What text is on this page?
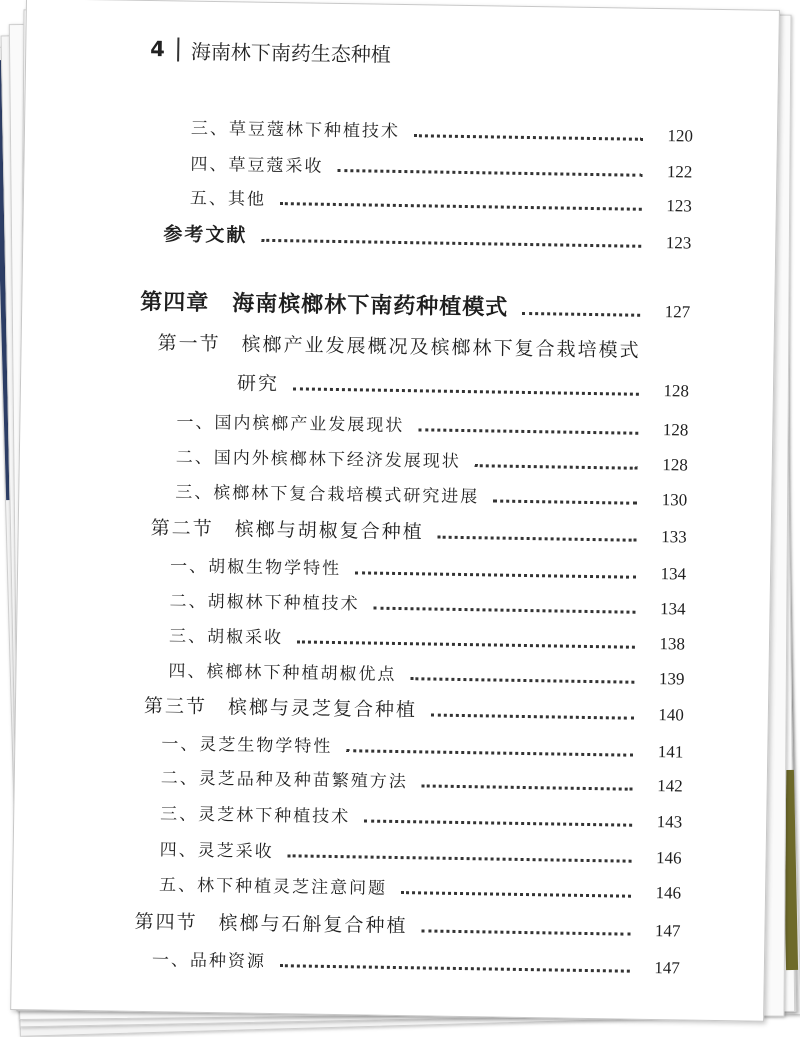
4 海南林下南药生态种植
三、草豆蔻林下种植技术	120
四、草豆蔻采收	122
五、其他	123
参考文献	123
第四章　海南槟榔林下南药种植模式	127
第一节　槟榔产业发展概况及槟榔林下复合栽培模式
研究	128
一、国内槟榔产业发展现状	128
二、国内外槟榔林下经济发展现状	128
三、槟榔林下复合栽培模式研究进展	130
第二节　槟榔与胡椒复合种植	133
一、胡椒生物学特性	134
二、胡椒林下种植技术	134
三、胡椒采收	138
四、槟榔林下种植胡椒优点	139
第三节　槟榔与灵芝复合种植	140
一、灵芝生物学特性	141
二、灵芝品种及种苗繁殖方法	142
三、灵芝林下种植技术	143
四、灵芝采收	146
五、林下种植灵芝注意问题	146
第四节　槟榔与石斛复合种植	147
一、品种资源	147
